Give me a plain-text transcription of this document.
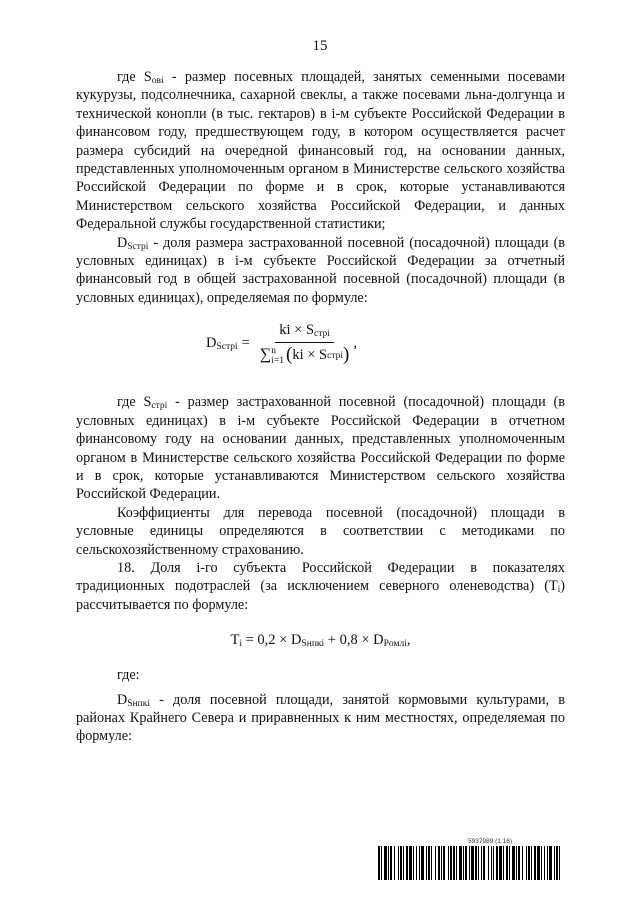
15

где $S_{овi}$ - размер посевных площадей, занятых семенными посевами кукурузы, подсолнечника, сахарной свеклы, а также посевами льна-долгунца и технической конопли (в тыс. гектаров) в i-м субъекте Российской Федерации в финансовом году, предшествующем году, в котором осуществляется расчет размера субсидий на очередной финансовый год, на основании данных, представленных уполномоченным органом в Министерстве сельского хозяйства Российской Федерации по форме и в срок, которые устанавливаются Министерством сельского хозяйства Российской Федерации, и данных Федеральной службы государственной статистики;

$D_{Sстрi}$ - доля размера застрахованной посевной (посадочной) площади (в условных единицах) в i-м субъекте Российской Федерации за отчетный финансовый год в общей застрахованной посевной (посадочной) площади (в условных единицах), определяемая по формуле:

$D_{Sстрi}$ =
ki × $S_{стрi}$
∑ n
i=1 ( ki × S стрi )
,

где $S_{стрi}$ - размер застрахованной посевной (посадочной) площади (в условных единицах) в i-м субъекте Российской Федерации в отчетном финансовому году на основании данных, представленных уполномоченным органом в Министерстве сельского хозяйства Российской Федерации по форме и в срок, которые устанавливаются Министерством сельского хозяйства Российской Федерации.

Коэффициенты для перевода посевной (посадочной) площади в условные единицы определяются в соответствии с методиками по сельскохозяйственному страхованию.

18. Доля i-го субъекта Российской Федерации в показателях традиционных подотраслей (за исключением северного оленеводства) $(T_i)$ рассчитывается по формуле:

$T_i = 0,2 \times D_{Sнпкi} + 0,8 \times D_{Pомлi}$,

где:

$D_{Sнпкi}$ - доля посевной площади, занятой кормовыми культурами, в районах Крайнего Севера и приравненных к ним местностях, определяемая по формуле:

5937989 (1.16)
